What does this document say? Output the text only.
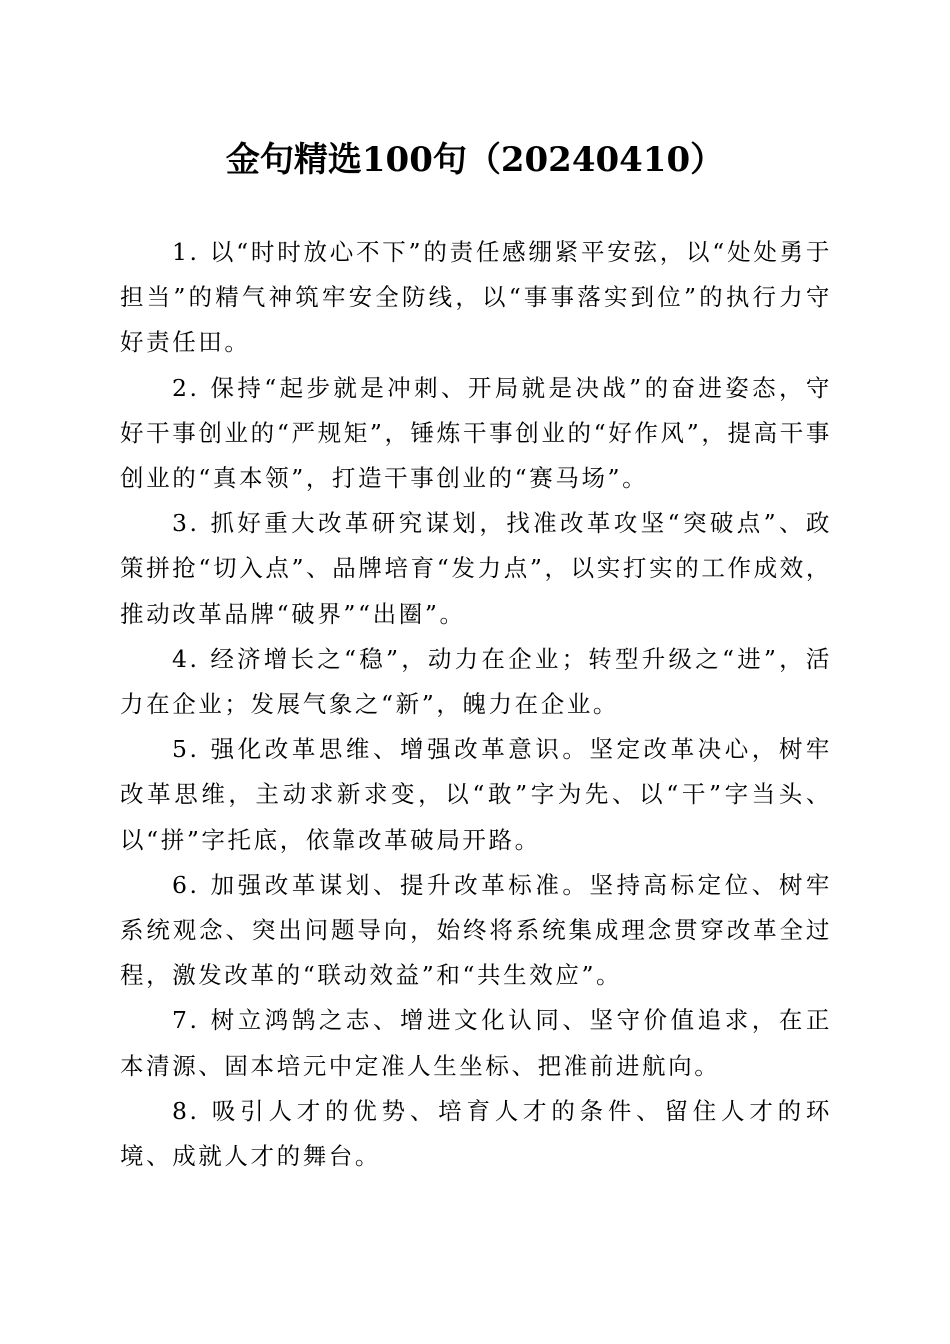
金句精选100句（20240410）

1. 以“时时放心不下”的责任感绷紧平安弦，以“处处勇于担当”的精气神筑牢安全防线，以“事事落实到位”的执行力守好责任田。

2. 保持“起步就是冲刺、开局就是决战”的奋进姿态，守好干事创业的“严规矩”，锤炼干事创业的“好作风”，提高干事创业的“真本领”，打造干事创业的“赛马场”。

3. 抓好重大改革研究谋划，找准改革攻坚“突破点”、政策拼抢“切入点”、品牌培育“发力点”，以实打实的工作成效，推动改革品牌“破界”“出圈”。

4. 经济增长之“稳”，动力在企业；转型升级之“进”，活力在企业；发展气象之“新”，魄力在企业。

5. 强化改革思维、增强改革意识。坚定改革决心，树牢改革思维，主动求新求变，以“敢”字为先、以“干”字当头、以“拼”字托底，依靠改革破局开路。

6. 加强改革谋划、提升改革标准。坚持高标定位、树牢系统观念、突出问题导向，始终将系统集成理念贯穿改革全过程，激发改革的“联动效益”和“共生效应”。

7. 树立鸿鹄之志、增进文化认同、坚守价值追求，在正本清源、固本培元中定准人生坐标、把准前进航向。

8. 吸引人才的优势、培育人才的条件、留住人才的环境、成就人才的舞台。
